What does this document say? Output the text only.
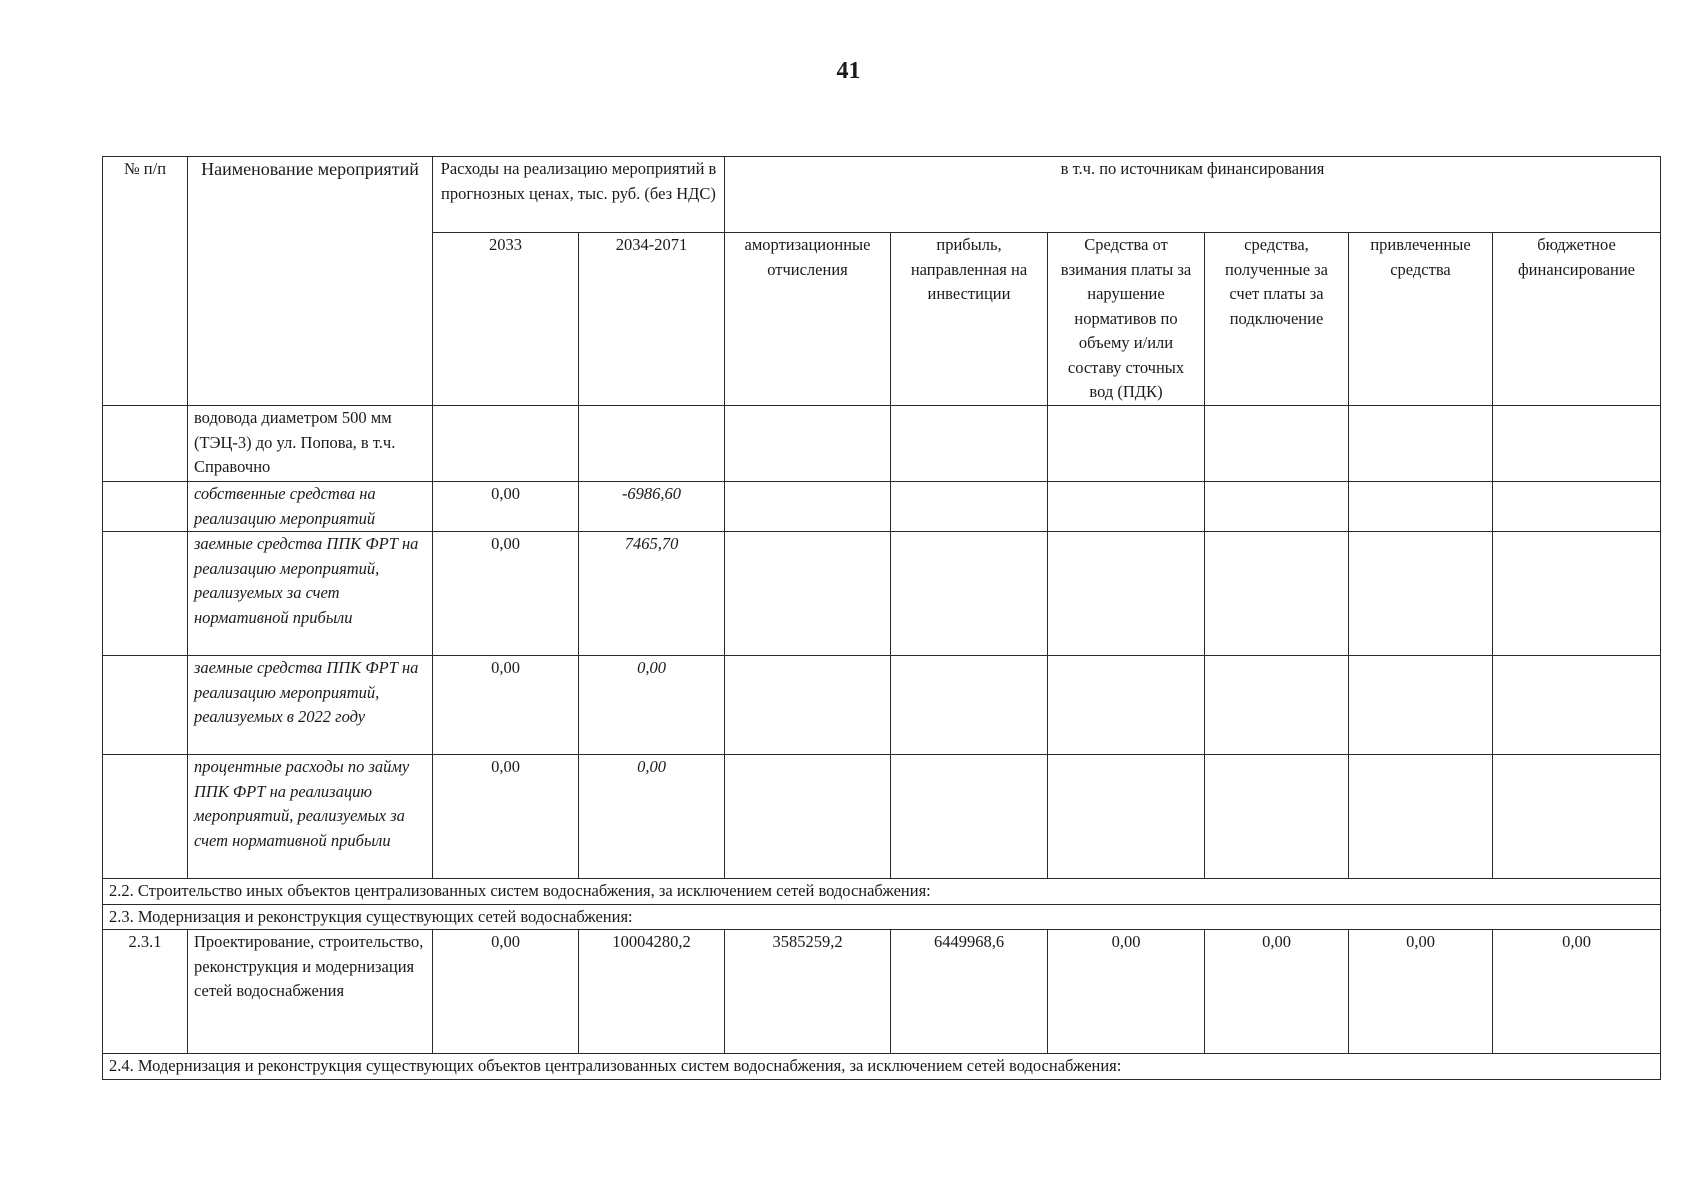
41
№ п/п	Наименование мероприятий	Расходы на реализацию мероприятий в прогнозных ценах, тыс. руб. (без НДС)		в т.ч. по источникам финансирования					
		2033	2034-2071	амортизационные отчисления	прибыль, направленная на инвестиции	Средства от взимания платы за нарушение нормативов по объему и/или составу сточных вод (ПДК)	средства, полученные за счет платы за подключение	привлеченные средства	бюджетное финансирование
	водовода диаметром 500 мм (ТЭЦ-3) до ул. Попова, в т.ч. Справочно								
	собственные средства на реализацию мероприятий	0,00	-6986,60						
	заемные средства ППК ФРТ на реализацию мероприятий, реализуемых за счет нормативной прибыли	0,00	7465,70						
	заемные средства ППК ФРТ на реализацию мероприятий, реализуемых в 2022 году	0,00	0,00						
	процентные расходы по займу ППК ФРТ на реализацию мероприятий, реализуемых за счет нормативной прибыли	0,00	0,00						
2.2. Строительство иных объектов централизованных систем водоснабжения, за исключением сетей водоснабжения:									
2.3. Модернизация и реконструкция существующих сетей водоснабжения:									
2.3.1	Проектирование, строительство, реконструкция и модернизация сетей водоснабжения	0,00	10004280,2	3585259,2	6449968,6	0,00	0,00	0,00	0,00
2.4. Модернизация и реконструкция существующих объектов централизованных систем водоснабжения, за исключением сетей водоснабжения:									
